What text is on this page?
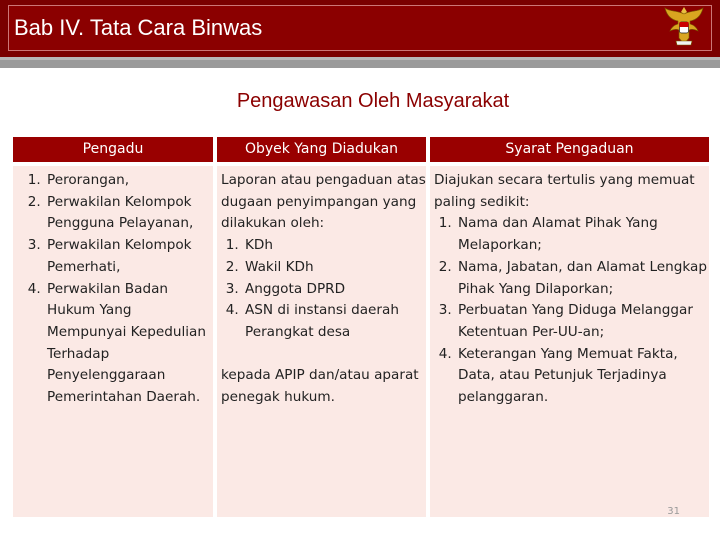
Bab IV. Tata Cara Binwas
Pengawasan Oleh Masyarakat
Pengadu
1. Perorangan,
2. Perwakilan Kelompok Pengguna Pelayanan,
3. Perwakilan Kelompok Pemerhati,
4. Perwakilan Badan Hukum Yang Mempunyai Kepedulian Terhadap Penyelenggaraan Pemerintahan Daerah.
Obyek Yang Diadukan
Laporan atau pengaduan atas dugaan penyimpangan yang dilakukan oleh:
1. KDh
2. Wakil KDh
3. Anggota DPRD
4. ASN di instansi daerah Perangkat desa
kepada APIP dan/atau aparat penegak hukum.
Syarat Pengaduan
Diajukan secara tertulis yang memuat paling sedikit:
1. Nama dan Alamat Pihak Yang Melaporkan;
2. Nama, Jabatan, dan Alamat Lengkap Pihak Yang Dilaporkan;
3. Perbuatan Yang Diduga Melanggar Ketentuan Per-UU-an;
4. Keterangan Yang Memuat Fakta, Data, atau Petunjuk Terjadinya pelanggaran.
31
